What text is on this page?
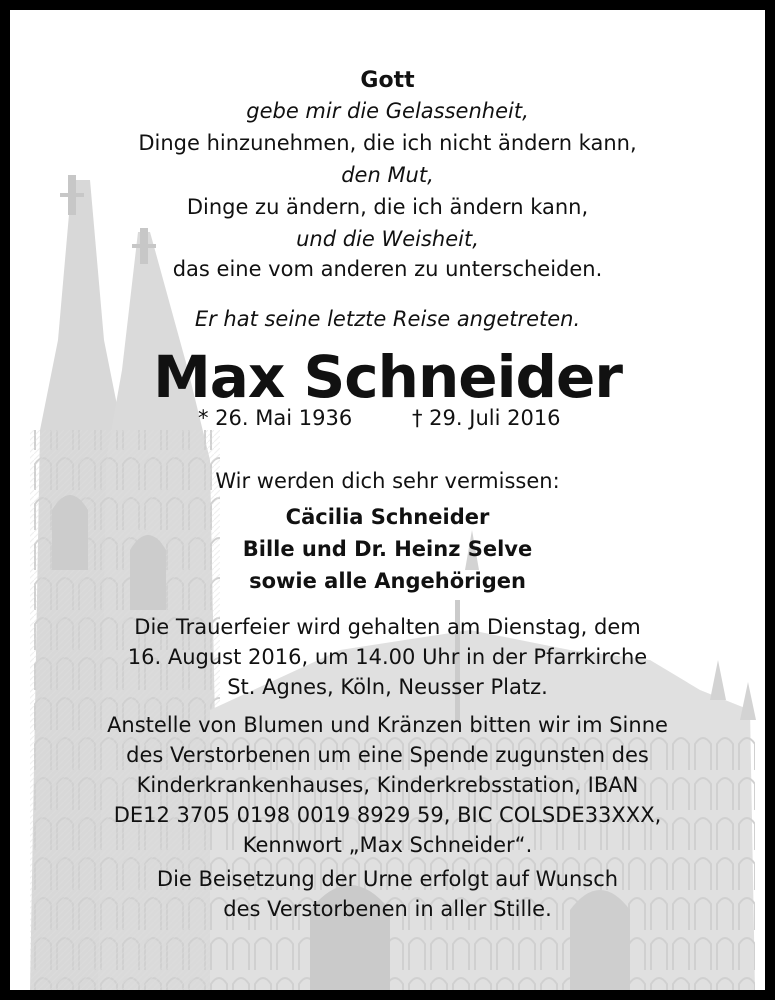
Gott
gebe mir die Gelassenheit,
Dinge hinzunehmen, die ich nicht ändern kann,
den Mut,
Dinge zu ändern, die ich ändern kann,
und die Weisheit,
das eine vom anderen zu unterscheiden.
Er hat seine letzte Reise angetreten.
Max Schneider
* 26. Mai 1936	† 29. Juli 2016
Wir werden dich sehr vermissen:
Cäcilia Schneider
Bille und Dr. Heinz Selve
sowie alle Angehörigen
Die Trauerfeier wird gehalten am Dienstag, dem
16. August 2016, um 14.00 Uhr in der Pfarrkirche
St. Agnes, Köln, Neusser Platz.
Anstelle von Blumen und Kränzen bitten wir im Sinne
des Verstorbenen um eine Spende zugunsten des
Kinderkrankenhauses, Kinderkrebsstation, IBAN
DE12 3705 0198 0019 8929 59, BIC COLSDE33XXX,
Kennwort „Max Schneider“.
Die Beisetzung der Urne erfolgt auf Wunsch
des Verstorbenen in aller Stille.
